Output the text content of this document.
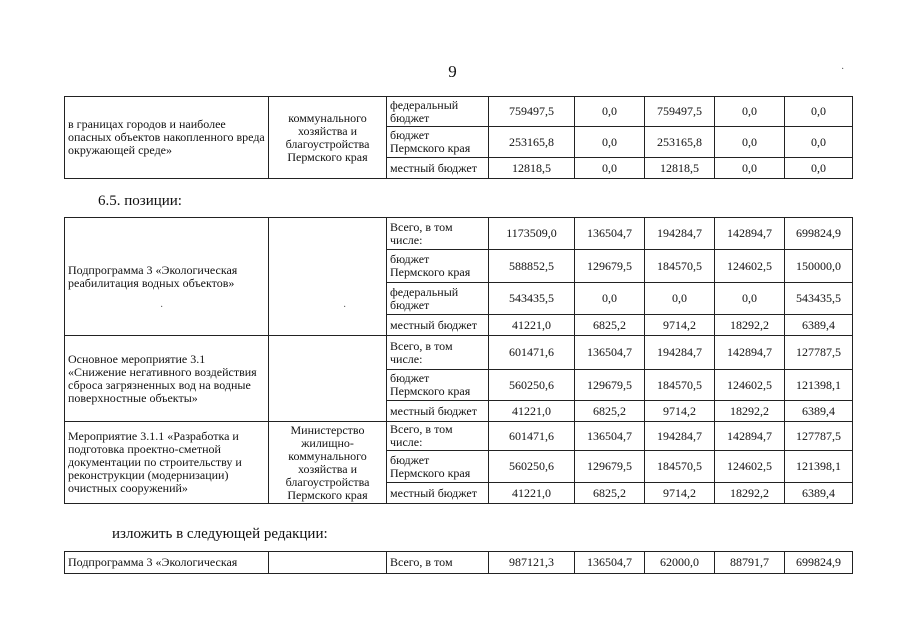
9
в границах городов и наиболее опасных объектов накопленного вреда окружающей среде»	коммунального хозяйства и благоустройства Пермского края	федеральный бюджет	759497,5	0,0	759497,5	0,0	0,0
		бюджет Пермского края	253165,8	0,0	253165,8	0,0	0,0
		местный бюджет	12818,5	0,0	12818,5	0,0	0,0
6.5. позиции:
Подпрограмма 3 «Экологическая реабилитация водных объектов»		Всего, в том числе:	1173509,0	136504,7	194284,7	142894,7	699824,9
		бюджет Пермского края	588852,5	129679,5	184570,5	124602,5	150000,0
		федеральный бюджет	543435,5	0,0	0,0	0,0	543435,5
		местный бюджет	41221,0	6825,2	9714,2	18292,2	6389,4
Основное мероприятие 3.1 «Снижение негативного воздействия сброса загрязненных вод на водные поверхностные объекты»		Всего, в том числе:	601471,6	136504,7	194284,7	142894,7	127787,5
		бюджет Пермского края	560250,6	129679,5	184570,5	124602,5	121398,1
		местный бюджет	41221,0	6825,2	9714,2	18292,2	6389,4
Мероприятие 3.1.1 «Разработка и подготовка проектно-сметной документации по строительству и реконструкции (модернизации) очистных сооружений»	Министерство жилищно-коммунального хозяйства и благоустройства Пермского края	Всего, в том числе:	601471,6	136504,7	194284,7	142894,7	127787,5
		бюджет Пермского края	560250,6	129679,5	184570,5	124602,5	121398,1
		местный бюджет	41221,0	6825,2	9714,2	18292,2	6389,4
изложить в следующей редакции:
Подпрограмма 3 «Экологическая		Всего, в том	987121,3	136504,7	62000,0	88791,7	699824,9
·
·	·
